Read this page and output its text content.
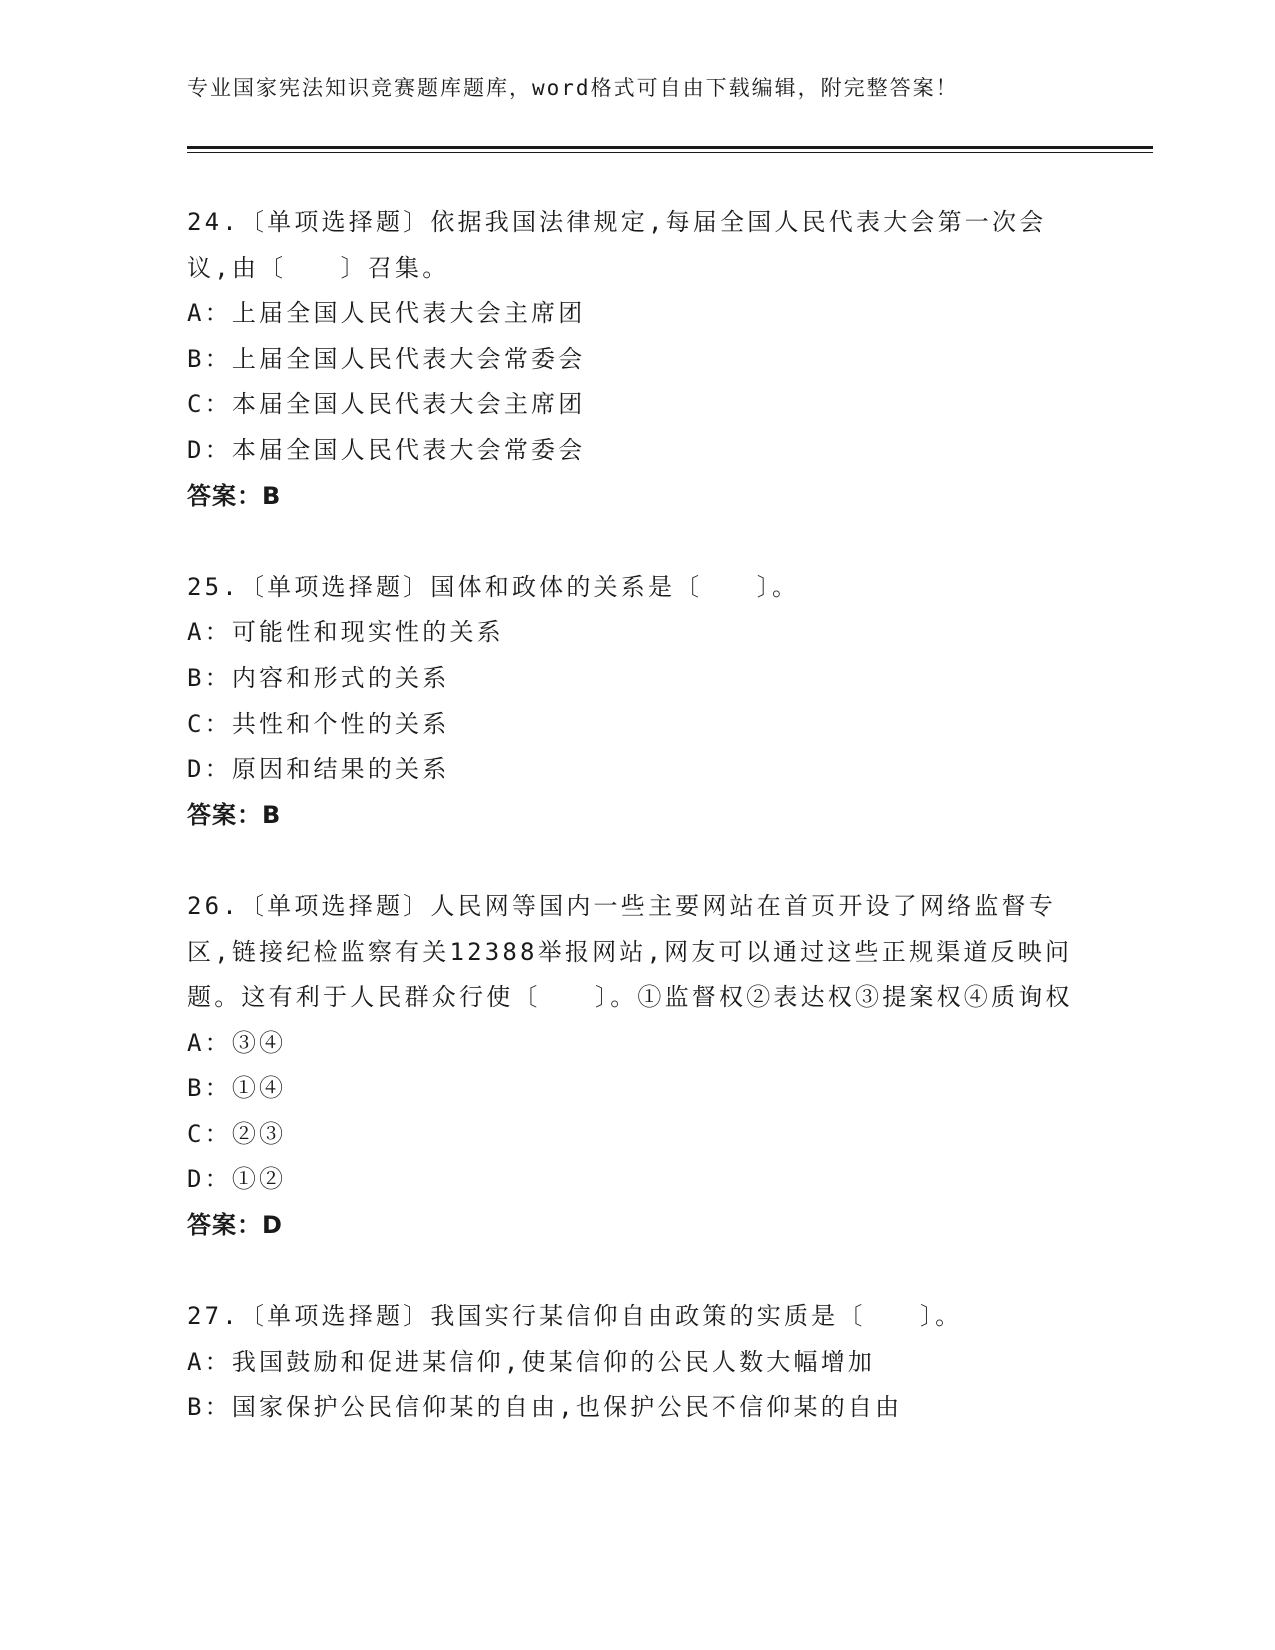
专业国家宪法知识竞赛题库题库，word格式可自由下载编辑，附完整答案！
24.〔单项选择题〕依据我国法律规定,每届全国人民代表大会第一次会议,由〔　　〕召集。
A：上届全国人民代表大会主席团
B：上届全国人民代表大会常委会
C：本届全国人民代表大会主席团
D：本届全国人民代表大会常委会
答案：B
25.〔单项选择题〕国体和政体的关系是〔　　〕。
A：可能性和现实性的关系
B：内容和形式的关系
C：共性和个性的关系
D：原因和结果的关系
答案：B
26.〔单项选择题〕人民网等国内一些主要网站在首页开设了网络监督专区,链接纪检监察有关12388举报网站,网友可以通过这些正规渠道反映问题。这有利于人民群众行使〔　　〕。①监督权②表达权③提案权④质询权
A：③④
B：①④
C：②③
D：①②
答案：D
27.〔单项选择题〕我国实行某信仰自由政策的实质是〔　　〕。
A：我国鼓励和促进某信仰,使某信仰的公民人数大幅增加
B：国家保护公民信仰某的自由,也保护公民不信仰某的自由
